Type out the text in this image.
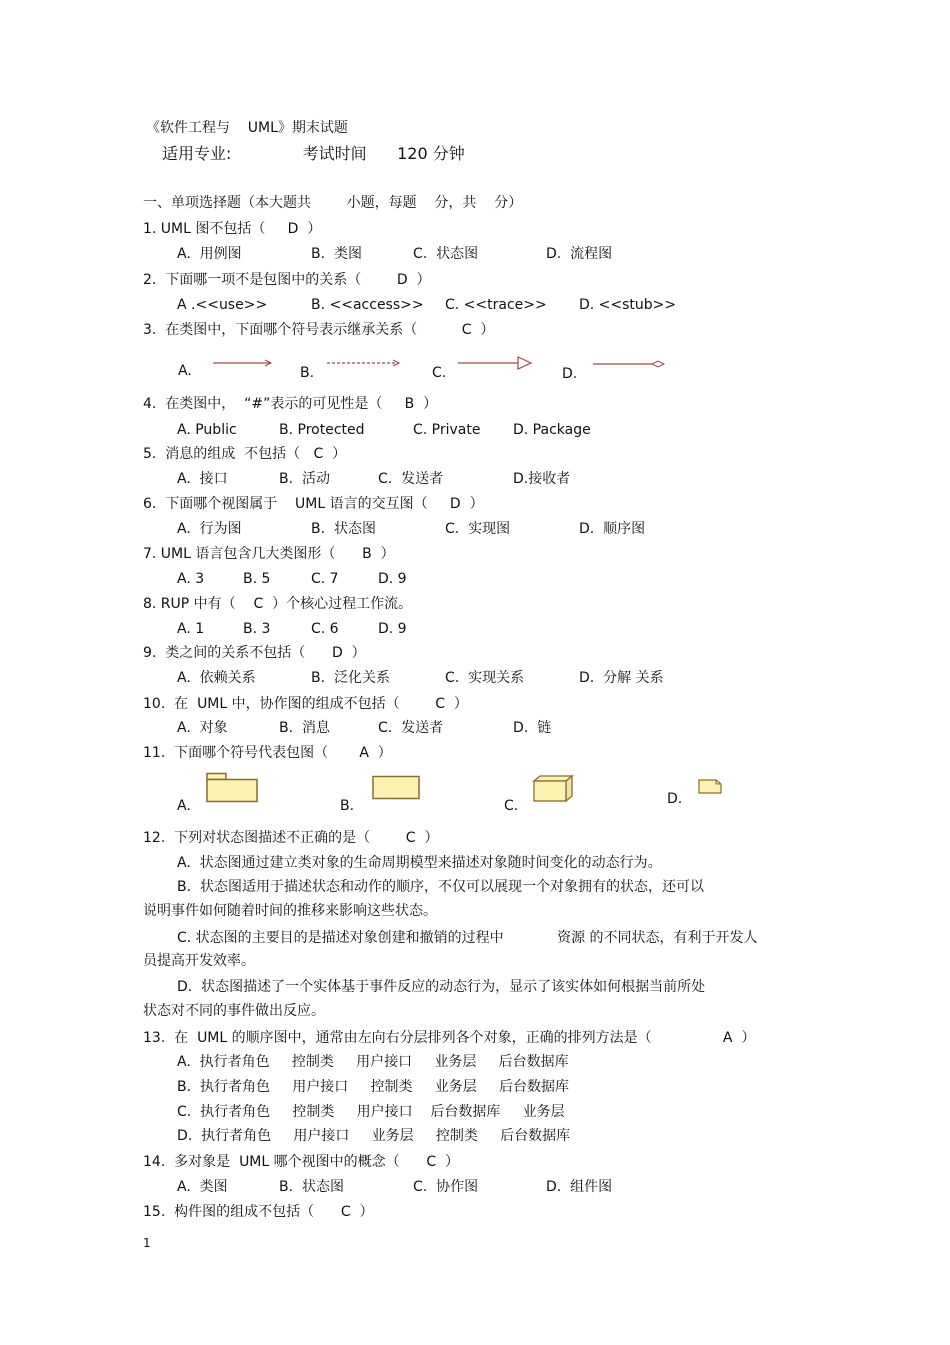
《软件工程与    UML》期末试题
适用专业:              考试时间      120 分钟
一、单项选择题（本大题共        小题，每题    分，共    分）
1. UML 图不包括（     D  ）
A.  用例图	B.  类图	C.  状态图	D.  流程图
2.  下面哪一项不是包图中的关系（        D  ）
A .<<use>>	B. <<access>> C. <<trace>> D. <<stub>>
3.  在类图中，下面哪个符号表示继承关系（          C  ）
A.	B.	C.	D.
4.  在类图中，  “#”表示的可见性是（     B  ）
A. Public	B. Protected	C. Private D. Package
5.  消息的组成  不包括（   C  ）
A.  接口	B.  活动	C.  发送者	D.接收者
6.  下面哪个视图属于    UML 语言的交互图（     D  ）
A.  行为图	B.  状态图	C.  实现图	D.  顺序图
7. UML 语言包含几大类图形（      B  ）
A. 3	B. 5	C. 7	D. 9
8. RUP 中有（    C  ）个核心过程工作流。
A. 1	B. 3	C. 6	D. 9
9.  类之间的关系不包括（      D  ）
A.  依赖关系	B.  泛化关系	C.  实现关系	D.  分解 关系
10.  在  UML 中，协作图的组成不包括（        C  ）
A.  对象	B.  消息	C.  发送者	D.  链
11.  下面哪个符号代表包图（       A  ）
A.	B.	C.	D.
12.  下列对状态图描述不正确的是（        C  ）
A.  状态图通过建立类对象的生命周期模型来描述对象随时间变化的动态行为。
B.  状态图适用于描述状态和动作的顺序，不仅可以展现一个对象拥有的状态，还可以
说明事件如何随着时间的推移来影响这些状态。
C. 状态图的主要目的是描述对象创建和撤销的过程中            资源 的不同状态，有利于开发人
员提高开发效率。
D.  状态图描述了一个实体基于事件反应的动态行为，显示了该实体如何根据当前所处
状态对不同的事件做出反应。
13.  在  UML 的顺序图中，通常由左向右分层排列各个对象，正确的排列方法是（                A  ）
A.  执行者角色     控制类     用户接口     业务层     后台数据库
B.  执行者角色     用户接口     控制类     业务层     后台数据库
C.  执行者角色     控制类     用户接口    后台数据库     业务层
D.  执行者角色     用户接口     业务层     控制类     后台数据库
14.  多对象是  UML 哪个视图中的概念（      C  ）
A.  类图	B.  状态图	C.  协作图	D.  组件图
15.  构件图的组成不包括（      C  ）
1
